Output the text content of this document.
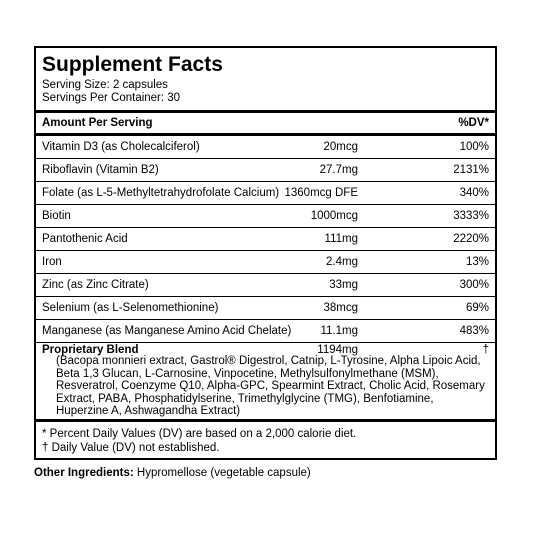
Supplement Facts
Serving Size: 2 capsules
Servings Per Container: 30
Amount Per Serving	%DV*
Vitamin D3 (as Cholecalciferol)	20mcg	100%
Riboflavin (Vitamin B2)	27.7mg	2131%
Folate (as L-5-Methyltetrahydrofolate Calcium) 1360mcg DFE	340%
Biotin	1000mcg	3333%
Pantothenic Acid	111mg	2220%
Iron	2.4mg	13%
Zinc (as Zinc Citrate)	33mg	300%
Selenium (as L-Selenomethionine)	38mcg	69%
Manganese (as Manganese Amino Acid Chelate)	11.1mg	483%
Proprietary Blend	1194mg	†
(Bacopa monnieri extract, Gastrol® Digestrol, Catnip, L-Tyrosine, Alpha Lipoic Acid, Beta 1,3 Glucan, L-Carnosine, Vinpocetine, Methylsulfonylmethane (MSM), Resveratrol, Coenzyme Q10, Alpha-GPC, Spearmint Extract, Cholic Acid, Rosemary Extract, PABA, Phosphatidylserine, Trimethylglycine (TMG), Benfotiamine, Huperzine A, Ashwagandha Extract)
* Percent Daily Values (DV) are based on a 2,000 calorie diet.
† Daily Value (DV) not established.
Other Ingredients: Hypromellose (vegetable capsule)
